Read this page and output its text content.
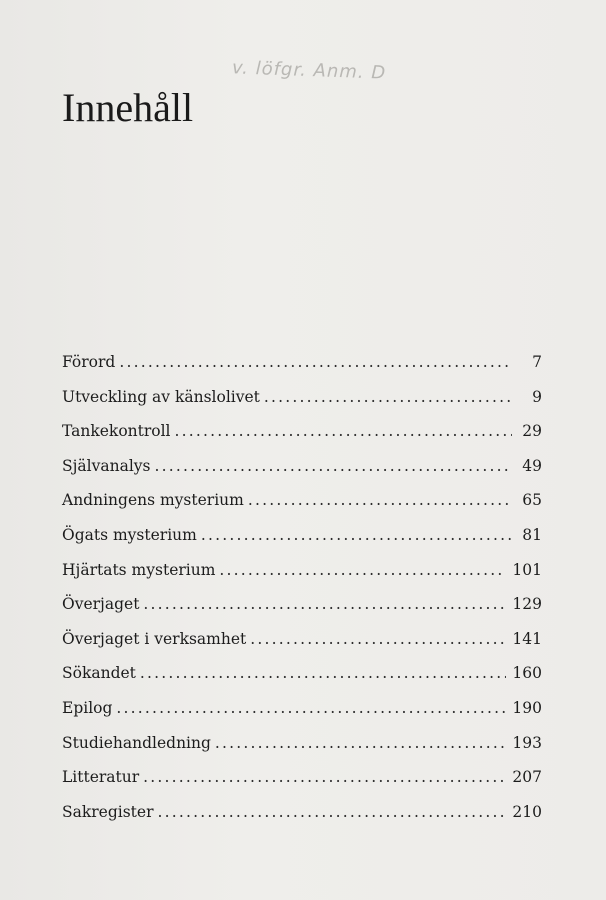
v. löfgr. Anm. D
Innehåll
Förord .....	7
Utveckling av känslolivet .....	9
Tankekontroll .....	29
Självanalys .....	49
Andningens mysterium .....	65
Ögats mysterium .....	81
Hjärtats mysterium .....	101
Överjaget .....	129
Överjaget i verksamhet .....	141
Sökandet .....	160
Epilog .....	190
Studiehandledning .....	193
Litteratur .....	207
Sakregister .....	210
